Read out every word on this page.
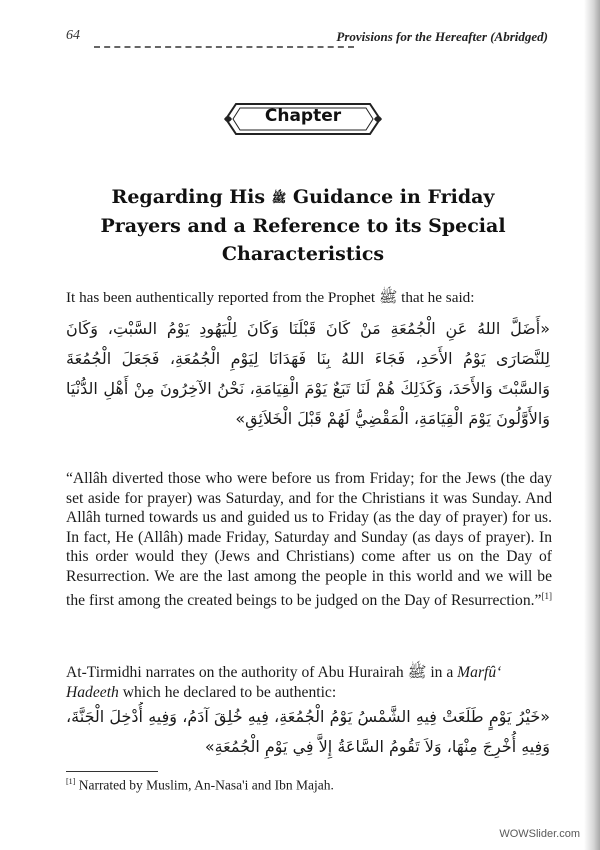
64	Provisions for the Hereafter (Abridged)
Chapter
Regarding His ﷺ Guidance in Friday Prayers and a Reference to its Special Characteristics
It has been authentically reported from the Prophet ﷺ that he said:
«أَضَلَّ اللهُ عَنِ الْجُمُعَةِ مَنْ كَانَ قَبْلَنَا وَكَانَ لِلْيَهُودِ يَوْمُ السَّبْتِ، وَكَانَ لِلنَّصَارَى يَوْمُ الأَحَدِ، فَجَاءَ اللهُ بِنَا فَهَدَانَا لِيَوْمِ الْجُمُعَةِ، فَجَعَلَ الْجُمُعَةَ وَالسَّبْتَ وَالأَحَدَ، وَكَذَلِكَ هُمْ لَنَا تَبَعٌ يَوْمَ الْقِيَامَةِ، نَحْنُ الآخِرُونَ مِنْ أَهْلِ الدُّنْيَا وَالأَوَّلُونَ يَوْمَ الْقِيَامَةِ، الْمَقْضِيُّ لَهُمْ قَبْلَ الْخَلاَئِقِ»
“Allâh diverted those who were before us from Friday; for the Jews (the day set aside for prayer) was Saturday, and for the Christians it was Sunday. And Allâh turned towards us and guided us to Friday (as the day of prayer) for us. In fact, He (Allâh) made Friday, Saturday and Sunday (as days of prayer). In this order would they (Jews and Christians) come after us on the Day of Resurrection. We are the last among the people in this world and we will be the first among the created beings to be judged on the Day of Resurrection.”[1]
At-Tirmidhi narrates on the authority of Abu Hurairah ﷺ in a Marfû‘ Hadeeth which he declared to be authentic:
«خَيْرُ يَوْمٍ طَلَعَتْ فِيهِ الشَّمْسُ يَوْمُ الْجُمُعَةِ، فِيهِ خُلِقَ آدَمُ، وَفِيهِ أُدْخِلَ الْجَنَّةَ، وَفِيهِ أُخْرِجَ مِنْهَا، وَلاَ تَقُومُ السَّاعَةُ إِلاَّ فِي يَوْمِ الْجُمُعَةِ»
[1] Narrated by Muslim, An-Nasa'i and Ibn Majah.
WOWSlider.com
